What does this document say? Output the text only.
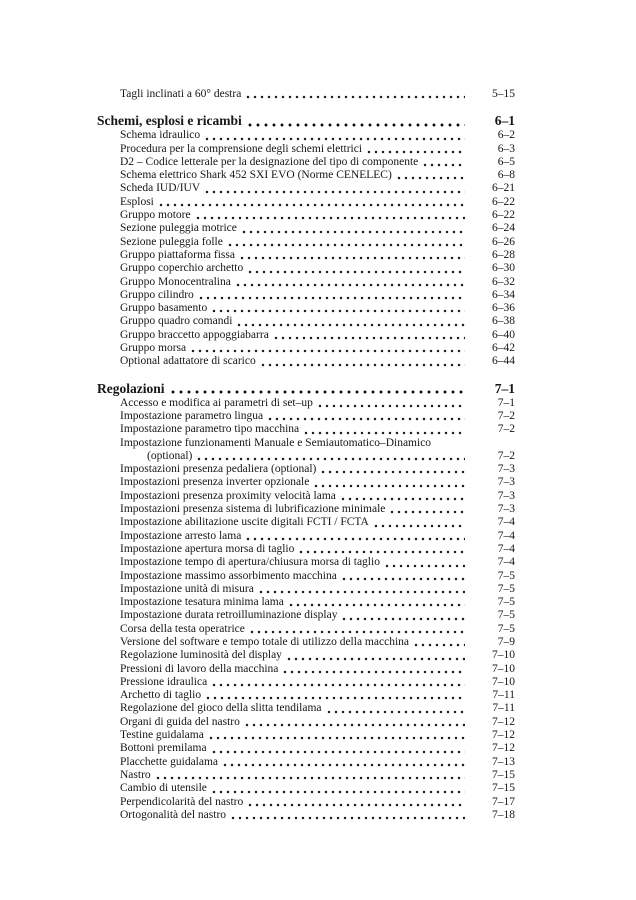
Tagli inclinati a 60° destra	5–15
Schemi, esplosi e ricambi	6–1
Schema idraulico	6–2
Procedura per la comprensione degli schemi elettrici	6–3
D2 – Codice letterale per la designazione del tipo di componente	6–5
Schema elettrico Shark 452 SXI EVO (Norme CENELEC)	6–8
Scheda IUD/IUV	6–21
Esplosi	6–22
Gruppo motore	6–22
Sezione puleggia motrice	6–24
Sezione puleggia folle	6–26
Gruppo piattaforma fissa	6–28
Gruppo coperchio archetto	6–30
Gruppo Monocentralina	6–32
Gruppo cilindro	6–34
Gruppo basamento	6–36
Gruppo quadro comandi	6–38
Gruppo braccetto appoggiabarra	6–40
Gruppo morsa	6–42
Optional adattatore di scarico	6–44
Regolazioni	7–1
Accesso e modifica ai parametri di set–up	7–1
Impostazione parametro lingua	7–2
Impostazione parametro tipo macchina	7–2
Impostazione funzionamenti Manuale e Semiautomatico–Dinamico
(optional)	7–2
Impostazioni presenza pedaliera (optional)	7–3
Impostazioni presenza inverter opzionale	7–3
Impostazioni presenza proximity velocità lama	7–3
Impostazioni presenza sistema di lubrificazione minimale	7–3
Impostazione abilitazione uscite digitali FCTI / FCTA	7–4
Impostazione arresto lama	7–4
Impostazione apertura morsa di taglio	7–4
Impostazione tempo di apertura/chiusura morsa di taglio	7–4
Impostazione massimo assorbimento macchina	7–5
Impostazione unità di misura	7–5
Impostazione tesatura minima lama	7–5
Impostazione durata retroilluminazione display	7–5
Corsa della testa operatrice	7–5
Versione del software e tempo totale di utilizzo della macchina	7–9
Regolazione luminosità del display	7–10
Pressioni di lavoro della macchina	7–10
Pressione idraulica	7–10
Archetto di taglio	7–11
Regolazione del gioco della slitta tendilama	7–11
Organi di guida del nastro	7–12
Testine guidalama	7–12
Bottoni premilama	7–12
Placchette guidalama	7–13
Nastro	7–15
Cambio di utensile	7–15
Perpendicolarità del nastro	7–17
Ortogonalità del nastro	7–18
